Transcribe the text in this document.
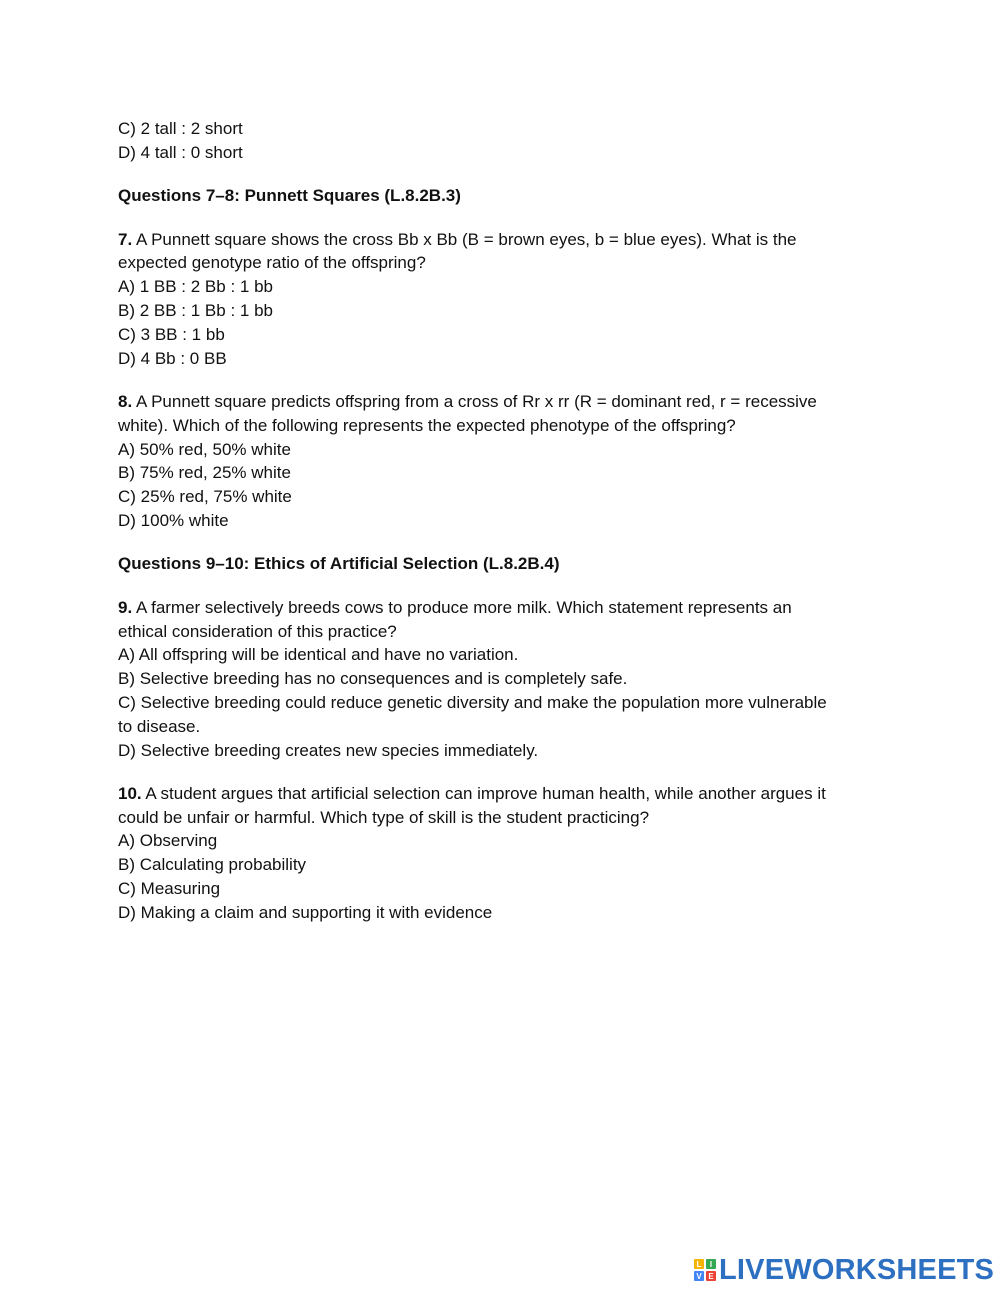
C) 2 tall : 2 short

D) 4 tall : 0 short

Questions 7–8: Punnett Squares (L.8.2B.3)

7. A Punnett square shows the cross Bb x Bb (B = brown eyes, b = blue eyes). What is the

expected genotype ratio of the offspring?

A) 1 BB : 2 Bb : 1 bb

B) 2 BB : 1 Bb : 1 bb

C) 3 BB : 1 bb

D) 4 Bb : 0 BB

8. A Punnett square predicts offspring from a cross of Rr x rr (R = dominant red, r = recessive

white). Which of the following represents the expected phenotype of the offspring?

A) 50% red, 50% white

B) 75% red, 25% white

C) 25% red, 75% white

D) 100% white

Questions 9–10: Ethics of Artificial Selection (L.8.2B.4)

9. A farmer selectively breeds cows to produce more milk. Which statement represents an

ethical consideration of this practice?

A) All offspring will be identical and have no variation.

B) Selective breeding has no consequences and is completely safe.

C) Selective breeding could reduce genetic diversity and make the population more vulnerable

to disease.

D) Selective breeding creates new species immediately.

10. A student argues that artificial selection can improve human health, while another argues it

could be unfair or harmful. Which type of skill is the student practicing?

A) Observing

B) Calculating probability

C) Measuring

D) Making a claim and supporting it with evidence

L	I
V E LIVEWORKSHEETS
